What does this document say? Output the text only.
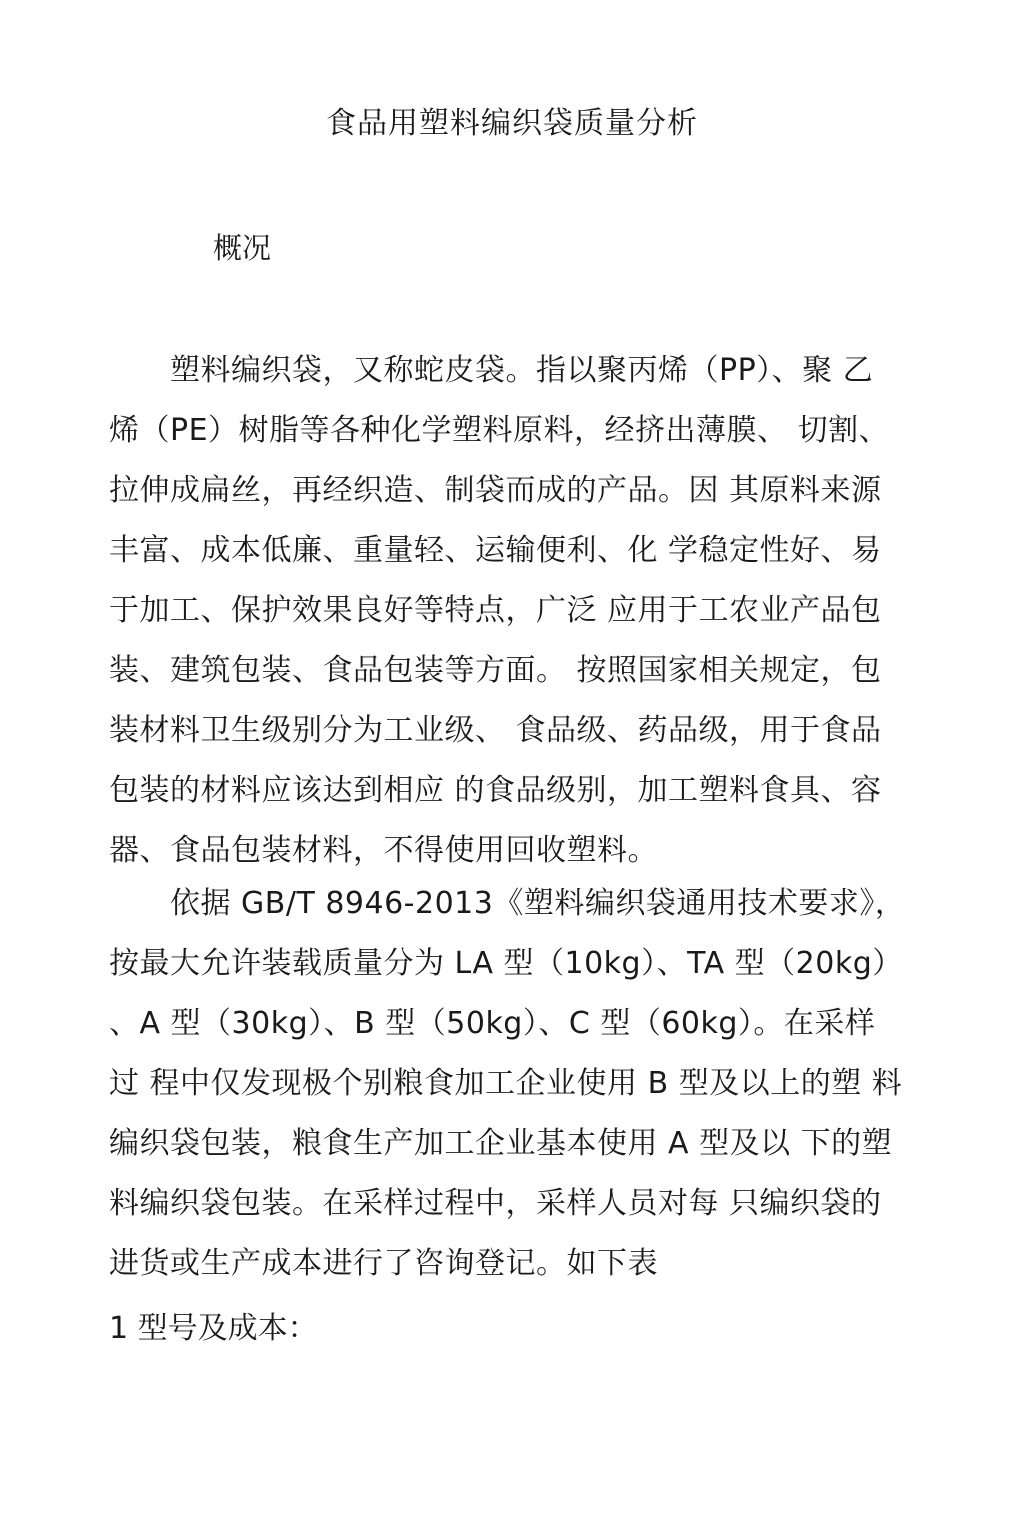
食品用塑料编织袋质量分析
概况
　　塑料编织袋，又称蛇皮袋。指以聚丙烯（PP）、聚 乙
烯（PE）树脂等各种化学塑料原料，经挤出薄膜、 切割、
拉伸成扁丝，再经织造、制袋而成的产品。因 其原料来源
丰富、成本低廉、重量轻、运输便利、化 学稳定性好、易
于加工、保护效果良好等特点，广泛 应用于工农业产品包
装、建筑包装、食品包装等方面。 按照国家相关规定，包
装材料卫生级别分为工业级、 食品级、药品级，用于食品
包装的材料应该达到相应 的食品级别，加工塑料食具、容
器、食品包装材料，不得使用回收塑料。
　　依据 GB/T 8946-2013《塑料编织袋通用技术要求》，
按最大允许装载质量分为 LA 型（10kg）、TA 型（20kg）
、A 型（30kg）、B 型（50kg）、C 型（60kg）。在采样
过 程中仅发现极个别粮食加工企业使用 B 型及以上的塑 料
编织袋包装，粮食生产加工企业基本使用 A 型及以 下的塑
料编织袋包装。在采样过程中，采样人员对每 只编织袋的
进货或生产成本进行了咨询登记。如下表
1 型号及成本：
